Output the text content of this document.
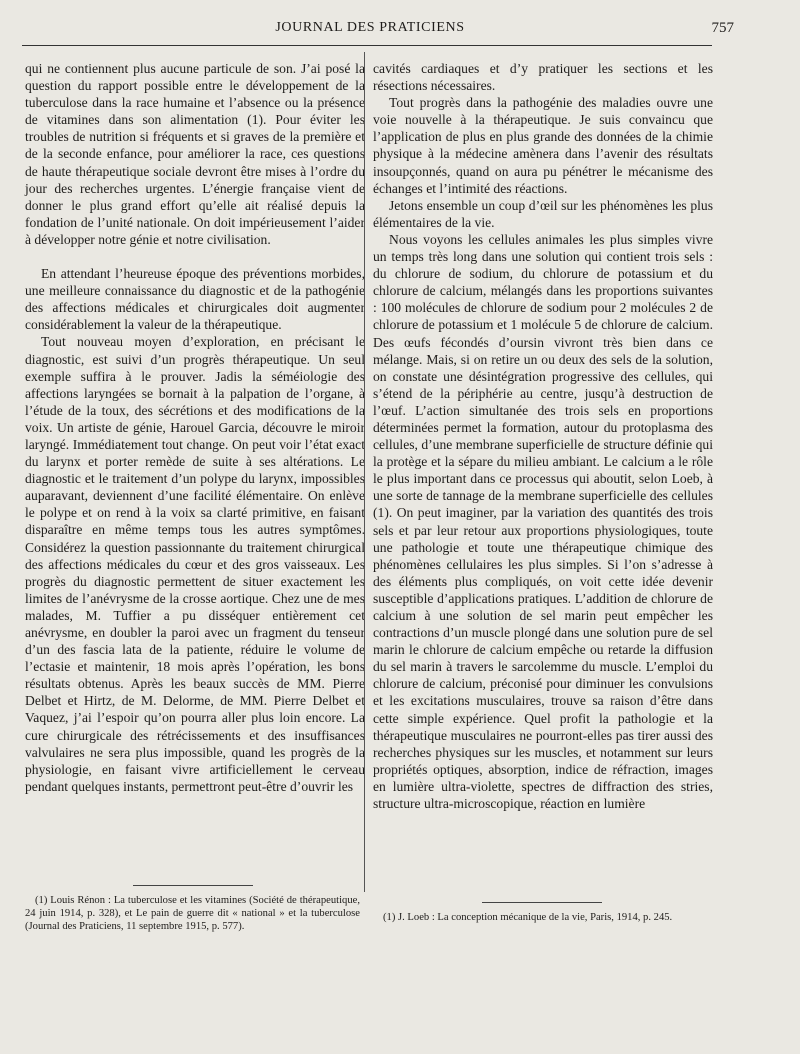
JOURNAL DES PRATICIENS	757

qui ne contiennent plus aucune particule de son. J’ai posé la question du rapport possible entre le développement de la tuberculose dans la race humaine et l’absence ou la présence de vitamines dans son alimentation (1). Pour éviter les troubles de nutrition si fréquents et si graves de la première et de la seconde enfance, pour améliorer la race, ces questions de haute thérapeutique sociale devront être mises à l’ordre du jour des recherches urgentes. L’énergie française vient de donner le plus grand effort qu’elle ait réalisé depuis la fondation de l’unité nationale. On doit impérieusement l’aider à développer notre génie et notre civilisation.

En attendant l’heureuse époque des préventions morbides, une meilleure connaissance du diagnostic et de la pathogénie des affections médicales et chirurgicales doit augmenter considérablement la valeur de la thérapeutique.

Tout nouveau moyen d’exploration, en précisant le diagnostic, est suivi d’un progrès thérapeutique. Un seul exemple suffira à le prouver. Jadis la séméiologie des affections laryngées se bornait à la palpation de l’organe, à l’étude de la toux, des sécrétions et des modifications de la voix. Un artiste de génie, Harouel Garcia, découvre le miroir laryngé. Immédiatement tout change. On peut voir l’état exact du larynx et porter remède de suite à ses altérations. Le diagnostic et le traitement d’un polype du larynx, impossibles auparavant, deviennent d’une facilité élémentaire. On enlève le polype et on rend à la voix sa clarté primitive, en faisant disparaître en même temps tous les autres symptômes. Considérez la question passionnante du traitement chirurgical des affections médicales du cœur et des gros vaisseaux. Les progrès du diagnostic permettent de situer exactement les limites de l’anévrysme de la crosse aortique. Chez une de mes malades, M. Tuffier a pu disséquer entièrement cet anévrysme, en doubler la paroi avec un fragment du tenseur d’un des fascia lata de la patiente, réduire le volume de l’ectasie et maintenir, 18 mois après l’opération, les bons résultats obtenus. Après les beaux succès de MM. Pierre Delbet et Hirtz, de M. Delorme, de MM. Pierre Delbet et Vaquez, j’ai l’espoir qu’on pourra aller plus loin encore. La cure chirurgicale des rétrécissements et des insuffisances valvulaires ne sera plus impossible, quand les progrès de la physiologie, en faisant vivre artificiellement le cerveau pendant quelques instants, permettront peut-être d’ouvrir les

cavités cardiaques et d’y pratiquer les sections et les résections nécessaires.

Tout progrès dans la pathogénie des maladies ouvre une voie nouvelle à la thérapeutique. Je suis convaincu que l’application de plus en plus grande des données de la chimie physique à la médecine amènera dans l’avenir des résultats insoupçonnés, quand on aura pu pénétrer le mécanisme des échanges et l’intimité des réactions.

Jetons ensemble un coup d’œil sur les phénomènes les plus élémentaires de la vie.

Nous voyons les cellules animales les plus simples vivre un temps très long dans une solution qui contient trois sels : du chlorure de sodium, du chlorure de potassium et du chlorure de calcium, mélangés dans les proportions suivantes : 100 molécules de chlorure de sodium pour 2 molécules 2 de chlorure de potassium et 1 molécule 5 de chlorure de calcium. Des œufs fécondés d’oursin vivront très bien dans ce mélange. Mais, si on retire un ou deux des sels de la solution, on constate une désintégration progressive des cellules, qui s’étend de la périphérie au centre, jusqu’à destruction de l’œuf. L’action simultanée des trois sels en proportions déterminées permet la formation, autour du protoplasma des cellules, d’une membrane superficielle de structure définie qui la protège et la sépare du milieu ambiant. Le calcium a le rôle le plus important dans ce processus qui aboutit, selon Loeb, à une sorte de tannage de la membrane superficielle des cellules (1). On peut imaginer, par la variation des quantités des trois sels et par leur retour aux proportions physiologiques, toute une pathologie et toute une thérapeutique chimique des phénomènes cellulaires les plus simples. Si l’on s’adresse à des éléments plus compliqués, on voit cette idée devenir susceptible d’applications pratiques. L’addition de chlorure de calcium à une solution de sel marin peut empêcher les contractions d’un muscle plongé dans une solution pure de sel marin le chlorure de calcium empêche ou retarde la diffusion du sel marin à travers le sarcolemme du muscle. L’emploi du chlorure de calcium, préconisé pour diminuer les convulsions et les excitations musculaires, trouve sa raison d’être dans cette simple expérience. Quel profit la pathologie et la thérapeutique musculaires ne pourront-elles pas tirer aussi des recherches physiques sur les muscles, et notamment sur leurs propriétés optiques, absorption, indice de réfraction, images en lumière ultra-violette, spectres de diffraction des stries, structure ultra-microscopique, réaction en lumière

(1) Louis Rénon : La tuberculose et les vitamines (Société de thérapeutique, 24 juin 1914, p. 328), et Le pain de guerre dit « national » et la tuberculose (Journal des Praticiens, 11 septembre 1915, p. 577).

(1) J. Loeb : La conception mécanique de la vie, Paris, 1914, p. 245.
